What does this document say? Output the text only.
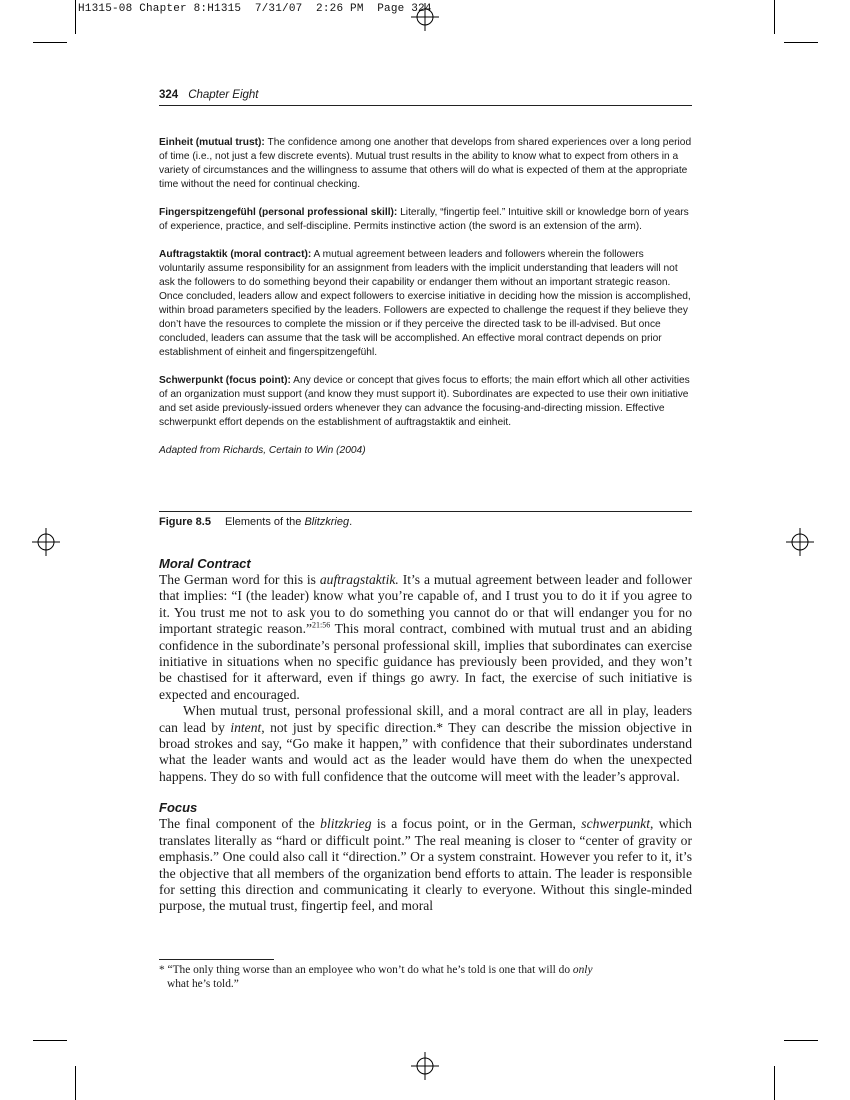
H1315-08 Chapter 8:H1315  7/31/07  2:26 PM  Page 324
324 Chapter Eight

Einheit (mutual trust): The confidence among one another that develops from shared experiences over a long period of time (i.e., not just a few discrete events). Mutual trust results in the ability to know what to expect from others in a variety of circumstances and the willingness to assume that others will do what is expected of them at the appropriate time without the need for continual checking.

Fingerspitzengefühl (personal professional skill): Literally, “fingertip feel.” Intuitive skill or knowledge born of years of experience, practice, and self-discipline. Permits instinctive action (the sword is an extension of the arm).

Auftragstaktik (moral contract): A mutual agreement between leaders and followers wherein the followers voluntarily assume responsibility for an assignment from leaders with the implicit understanding that leaders will not ask the followers to do something beyond their capability or endanger them without an important strategic reason. Once concluded, leaders allow and expect followers to exercise initiative in deciding how the mission is accomplished, within broad parameters specified by the leaders. Followers are expected to challenge the request if they believe they don’t have the resources to complete the mission or if they perceive the directed task to be ill-advised. But once concluded, leaders can assume that the task will be accomplished. An effective moral contract depends on prior establishment of einheit and fingerspitzengefühl.

Schwerpunkt (focus point): Any device or concept that gives focus to efforts; the main effort which all other activities of an organization must support (and know they must support it). Subordinates are expected to use their own initiative and set aside previously-issued orders whenever they can advance the focusing-and-directing mission. Effective schwerpunkt effort depends on the establishment of auftragstaktik and einheit.

Adapted from Richards, Certain to Win (2004)

Figure 8.5 Elements of the Blitzkrieg.
Moral Contract

The German word for this is auftragstaktik. It’s a mutual agreement between leader and follower that implies: “I (the leader) know what you’re capable of, and I trust you to do it if you agree to it. You trust me not to ask you to do something you cannot do or that will endanger you for no important strategic reason.”$^{21:56}$ This moral contract, combined with mutual trust and an abiding confidence in the subordinate’s personal professional skill, implies that subordinates can exercise initiative in situations when no specific guidance has previously been provided, and they won’t be chastised for it afterward, even if things go awry. In fact, the exercise of such initiative is expected and encouraged.

When mutual trust, personal professional skill, and a moral contract are all in play, leaders can lead by intent, not just by specific direction.* They can describe the mission objective in broad strokes and say, “Go make it happen,” with confidence that their subordinates understand what the leader wants and would act as the leader would have them do when the unexpected happens. They do so with full confidence that the outcome will meet with the leader’s approval.

Focus

The final component of the blitzkrieg is a focus point, or in the German, schwerpunkt, which translates literally as “hard or difficult point.” The real meaning is closer to “center of gravity or emphasis.” One could also call it “direction.” Or a system constraint. However you refer to it, it’s the objective that all members of the organization bend efforts to attain. The leader is responsible for setting this direction and communicating it clearly to everyone. Without this single-minded purpose, the mutual trust, fingertip feel, and moral

* “The only thing worse than an employee who won’t do what he’s told is one that will do only
what he’s told.”
